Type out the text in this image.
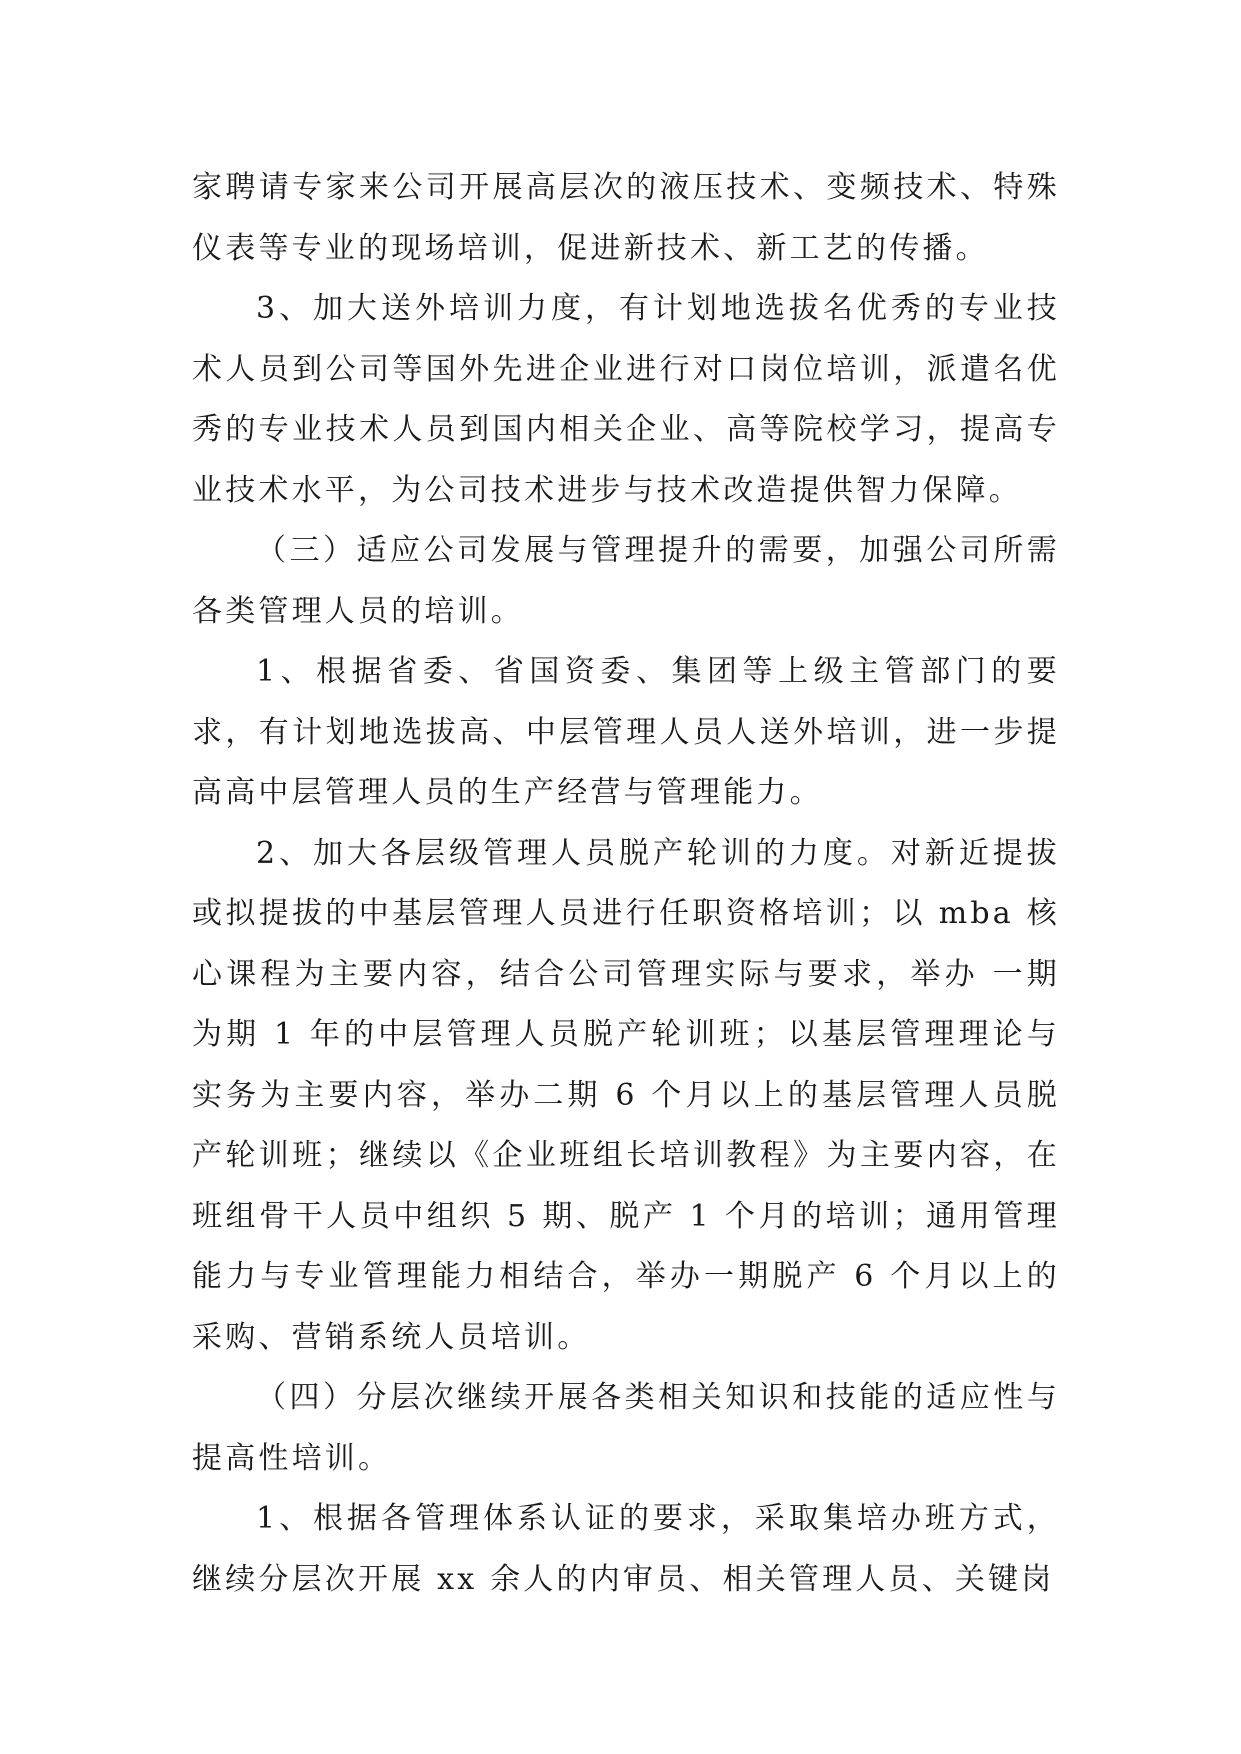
家聘请专家来公司开展高层次的液压技术、变频技术、特殊仪表等专业的现场培训，促进新技术、新工艺的传播。

3、加大送外培训力度，有计划地选拔名优秀的专业技术人员到公司等国外先进企业进行对口岗位培训，派遣名优秀的专业技术人员到国内相关企业、高等院校学习，提高专业技术水平，为公司技术进步与技术改造提供智力保障。

（三）适应公司发展与管理提升的需要，加强公司所需各类管理人员的培训。

1、根据省委、省国资委、集团等上级主管部门的要求，有计划地选拔高、中层管理人员人送外培训，进一步提高高中层管理人员的生产经营与管理能力。

2、加大各层级管理人员脱产轮训的力度。对新近提拔或拟提拔的中基层管理人员进行任职资格培训；以 mba 核心课程为主要内容，结合公司管理实际与要求，举办 一期为期 1 年的中层管理人员脱产轮训班；以基层管理理论与实务为主要内容，举办二期 6 个月以上的基层管理人员脱产轮训班；继续以《企业班组长培训教程》为主要内容，在班组骨干人员中组织 5 期、脱产 1 个月的培训；通用管理能力与专业管理能力相结合，举办一期脱产 6 个月以上的采购、营销系统人员培训。

（四）分层次继续开展各类相关知识和技能的适应性与提高性培训。

1、根据各管理体系认证的要求，采取集培办班方式，继续分层次开展 xx 余人的内审员、相关管理人员、关键岗
